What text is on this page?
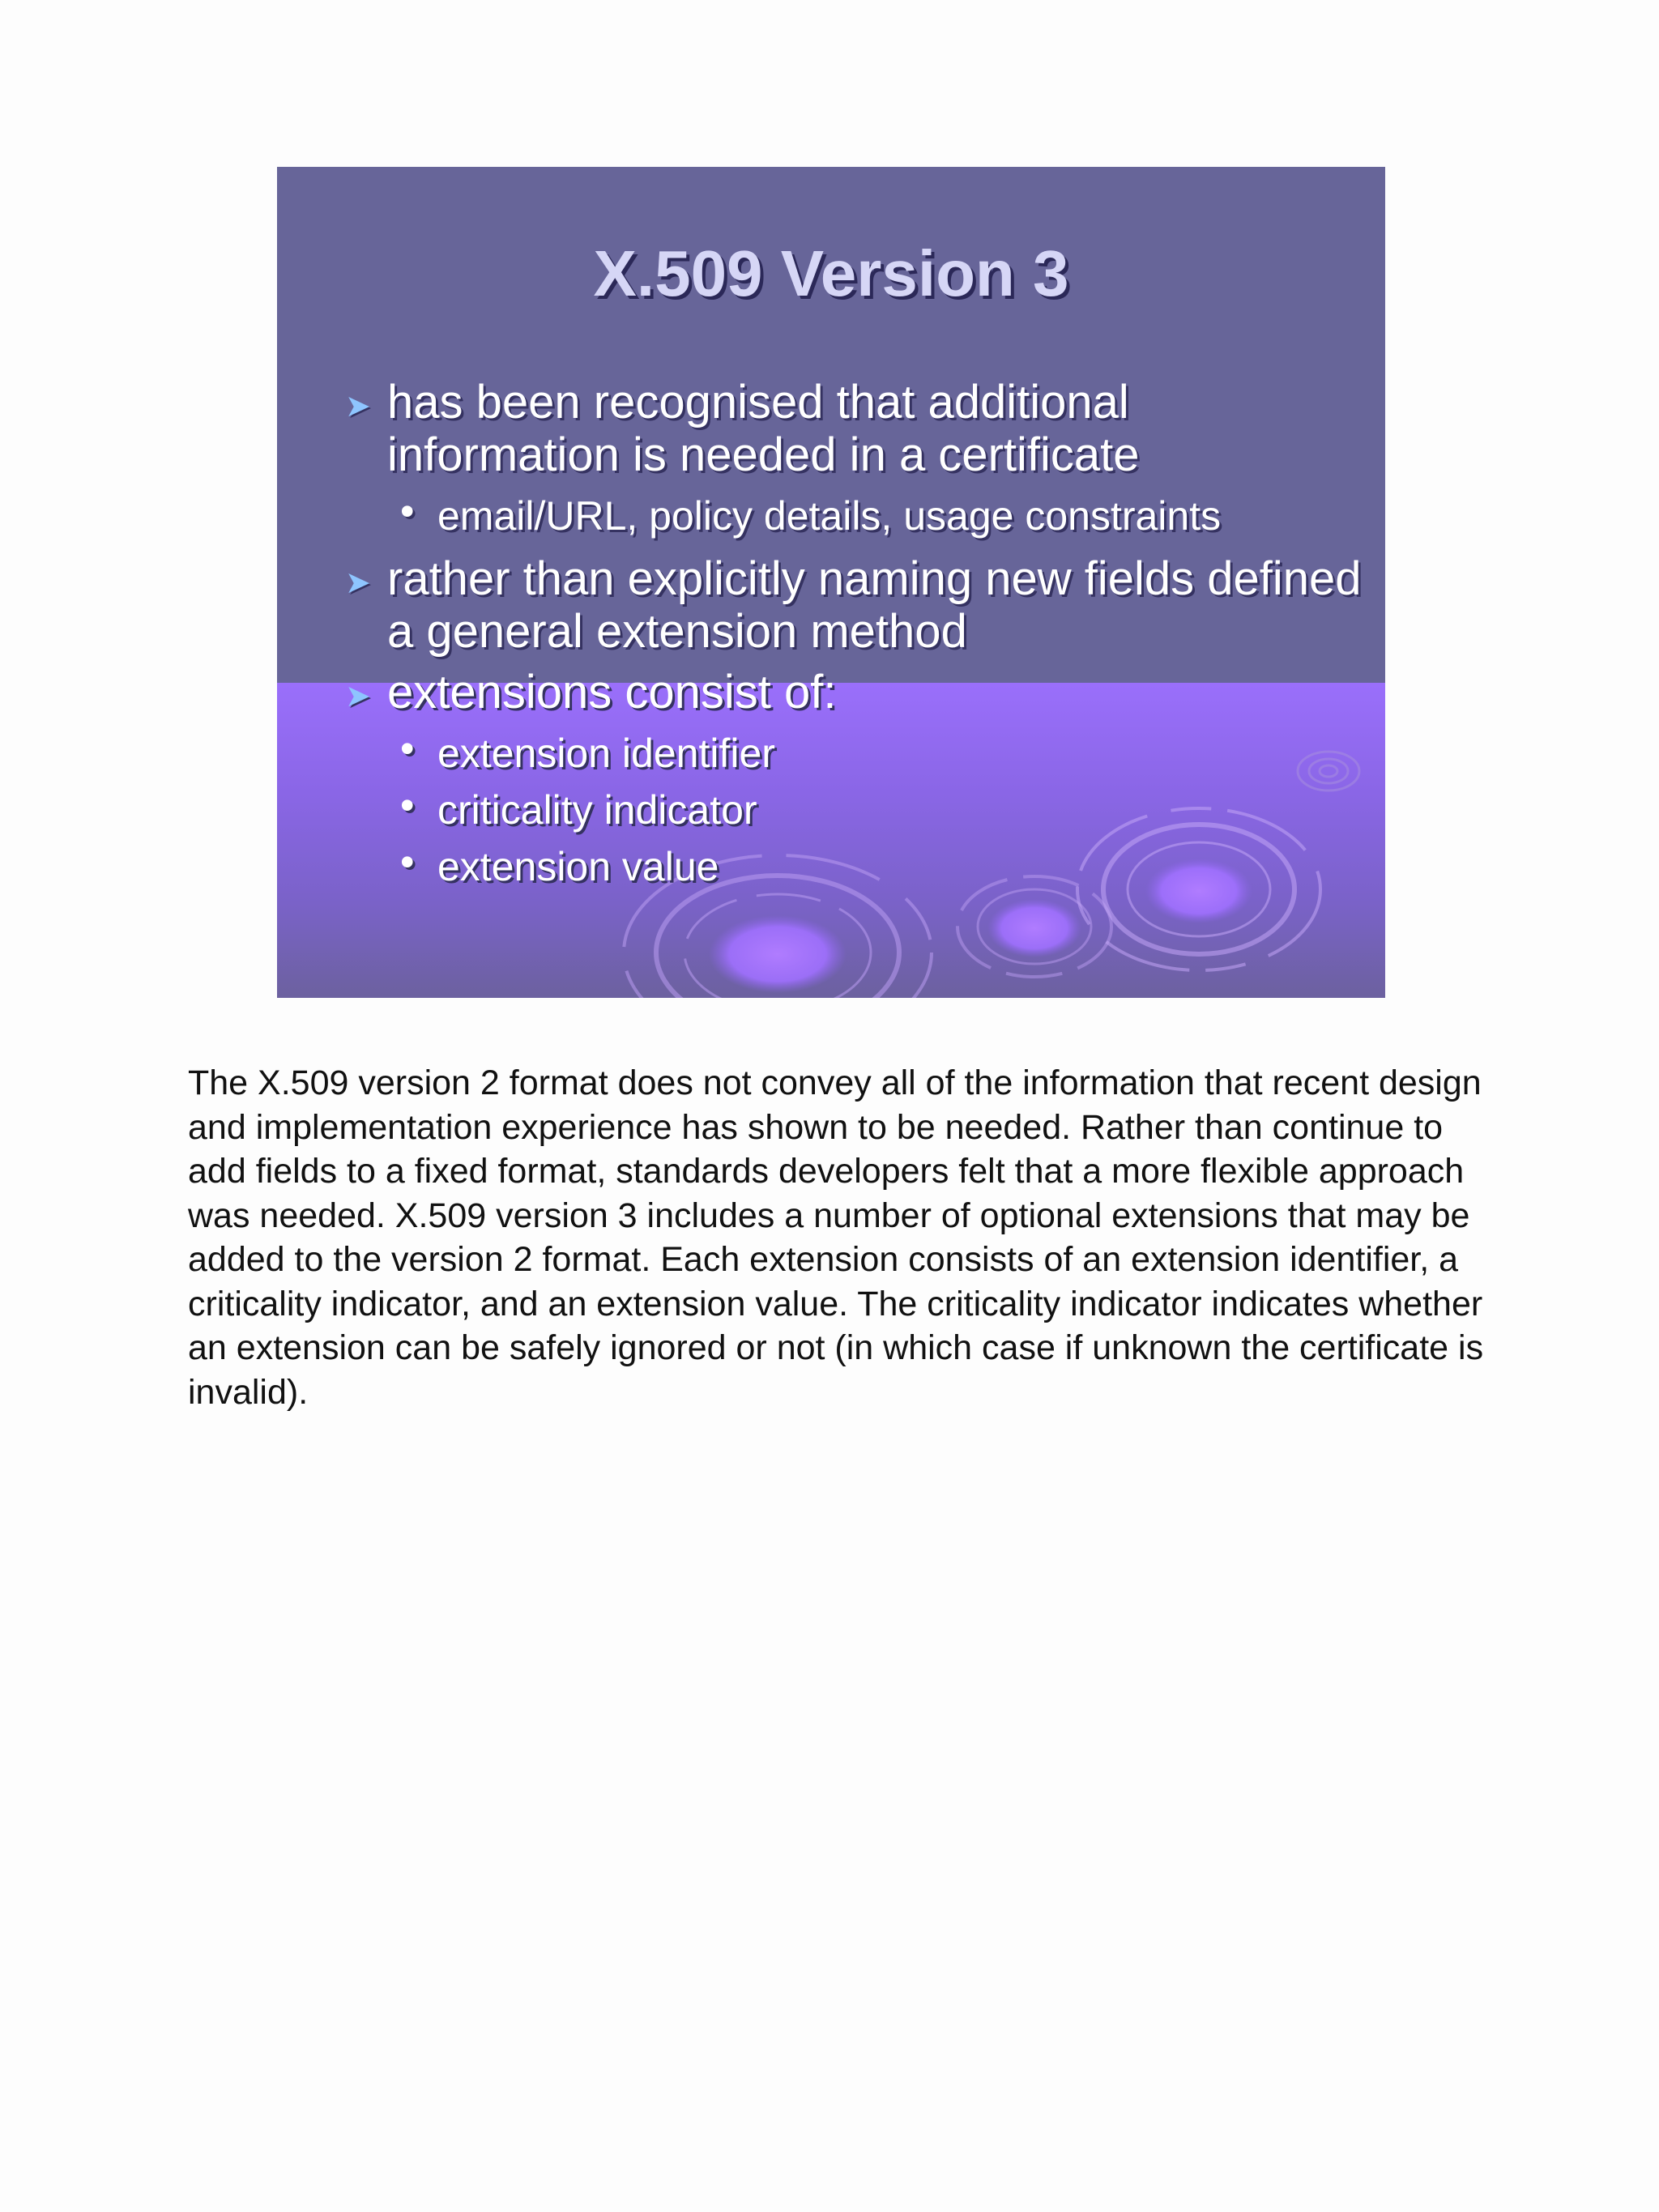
X.509 Version 3
➤ has been recognised that additional information is needed in a certificate
• email/URL, policy details, usage constraints
➤ rather than explicitly naming new fields defined a general extension method
➤ extensions consist of:
• extension identifier
• criticality indicator
• extension value

The X.509 version 2 format does not convey all of the information that recent design and implementation experience has shown to be needed. Rather than continue to add fields to a fixed format, standards developers felt that a more flexible approach was needed. X.509 version 3 includes a number of optional extensions that may be added to the version 2 format. Each extension consists of an extension identifier, a criticality indicator, and an extension value. The criticality indicator indicates whether an extension can be safely ignored or not (in which case if unknown the certificate is invalid).
